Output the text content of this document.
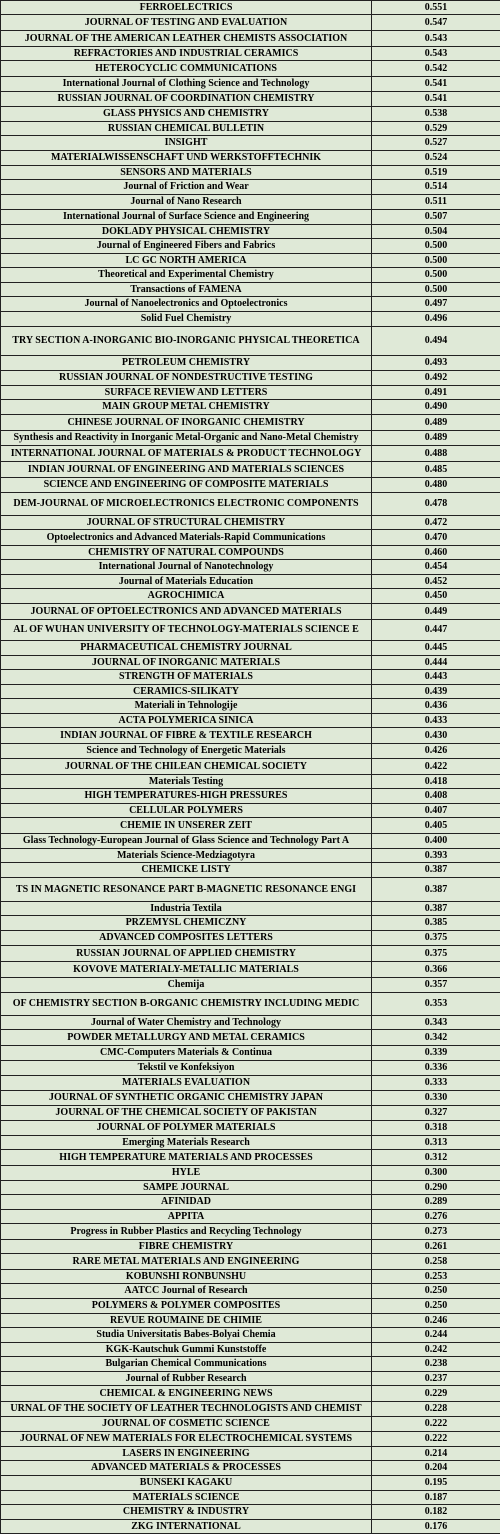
FERROELECTRICS	0.551
JOURNAL OF TESTING AND EVALUATION	0.547
JOURNAL OF THE AMERICAN LEATHER CHEMISTS ASSOCIATION	0.543
REFRACTORIES AND INDUSTRIAL CERAMICS	0.543
HETEROCYCLIC COMMUNICATIONS	0.542
International Journal of Clothing Science and Technology	0.541
RUSSIAN JOURNAL OF COORDINATION CHEMISTRY	0.541
GLASS PHYSICS AND CHEMISTRY	0.538
RUSSIAN CHEMICAL BULLETIN	0.529
INSIGHT	0.527
MATERIALWISSENSCHAFT UND WERKSTOFFTECHNIK	0.524
SENSORS AND MATERIALS	0.519
Journal of Friction and Wear	0.514
Journal of Nano Research	0.511
International Journal of Surface Science and Engineering	0.507
DOKLADY PHYSICAL CHEMISTRY	0.504
Journal of Engineered Fibers and Fabrics	0.500
LC GC NORTH AMERICA	0.500
Theoretical and Experimental Chemistry	0.500
Transactions of FAMENA	0.500
Journal of Nanoelectronics and Optoelectronics	0.497
Solid Fuel Chemistry	0.496
TRY SECTION A-INORGANIC BIO-INORGANIC PHYSICAL THEORETICA	0.494
PETROLEUM CHEMISTRY	0.493
RUSSIAN JOURNAL OF NONDESTRUCTIVE TESTING	0.492
SURFACE REVIEW AND LETTERS	0.491
MAIN GROUP METAL CHEMISTRY	0.490
CHINESE JOURNAL OF INORGANIC CHEMISTRY	0.489
Synthesis and Reactivity in Inorganic Metal-Organic and Nano-Metal Chemistry	0.489
INTERNATIONAL JOURNAL OF MATERIALS & PRODUCT TECHNOLOGY	0.488
INDIAN JOURNAL OF ENGINEERING AND MATERIALS SCIENCES	0.485
SCIENCE AND ENGINEERING OF COMPOSITE MATERIALS	0.480
DEM-JOURNAL OF MICROELECTRONICS ELECTRONIC COMPONENTS	0.478
JOURNAL OF STRUCTURAL CHEMISTRY	0.472
Optoelectronics and Advanced Materials-Rapid Communications	0.470
CHEMISTRY OF NATURAL COMPOUNDS	0.460
International Journal of Nanotechnology	0.454
Journal of Materials Education	0.452
AGROCHIMICA	0.450
JOURNAL OF OPTOELECTRONICS AND ADVANCED MATERIALS	0.449
AL OF WUHAN UNIVERSITY OF TECHNOLOGY-MATERIALS SCIENCE E	0.447
PHARMACEUTICAL CHEMISTRY JOURNAL	0.445
JOURNAL OF INORGANIC MATERIALS	0.444
STRENGTH OF MATERIALS	0.443
CERAMICS-SILIKATY	0.439
Materiali in Tehnologije	0.436
ACTA POLYMERICA SINICA	0.433
INDIAN JOURNAL OF FIBRE & TEXTILE RESEARCH	0.430
Science and Technology of Energetic Materials	0.426
JOURNAL OF THE CHILEAN CHEMICAL SOCIETY	0.422
Materials Testing	0.418
HIGH TEMPERATURES-HIGH PRESSURES	0.408
CELLULAR POLYMERS	0.407
CHEMIE IN UNSERER ZEIT	0.405
Glass Technology-European Journal of Glass Science and Technology Part A	0.400
Materials Science-Medziagotyra	0.393
CHEMICKE LISTY	0.387
TS IN MAGNETIC RESONANCE PART B-MAGNETIC RESONANCE ENGI	0.387
Industria Textila	0.387
PRZEMYSL CHEMICZNY	0.385
ADVANCED COMPOSITES LETTERS	0.375
RUSSIAN JOURNAL OF APPLIED CHEMISTRY	0.375
KOVOVE MATERIALY-METALLIC MATERIALS	0.366
Chemija	0.357
OF CHEMISTRY SECTION B-ORGANIC CHEMISTRY INCLUDING MEDIC	0.353
Journal of Water Chemistry and Technology	0.343
POWDER METALLURGY AND METAL CERAMICS	0.342
CMC-Computers Materials & Continua	0.339
Tekstil ve Konfeksiyon	0.336
MATERIALS EVALUATION	0.333
JOURNAL OF SYNTHETIC ORGANIC CHEMISTRY JAPAN	0.330
JOURNAL OF THE CHEMICAL SOCIETY OF PAKISTAN	0.327
JOURNAL OF POLYMER MATERIALS	0.318
Emerging Materials Research	0.313
HIGH TEMPERATURE MATERIALS AND PROCESSES	0.312
HYLE	0.300
SAMPE JOURNAL	0.290
AFINIDAD	0.289
APPITA	0.276
Progress in Rubber Plastics and Recycling Technology	0.273
FIBRE CHEMISTRY	0.261
RARE METAL MATERIALS AND ENGINEERING	0.258
KOBUNSHI RONBUNSHU	0.253
AATCC Journal of Research	0.250
POLYMERS & POLYMER COMPOSITES	0.250
REVUE ROUMAINE DE CHIMIE	0.246
Studia Universitatis Babes-Bolyai Chemia	0.244
KGK-Kautschuk Gummi Kunststoffe	0.242
Bulgarian Chemical Communications	0.238
Journal of Rubber Research	0.237
CHEMICAL & ENGINEERING NEWS	0.229
URNAL OF THE SOCIETY OF LEATHER TECHNOLOGISTS AND CHEMIST	0.228
JOURNAL OF COSMETIC SCIENCE	0.222
JOURNAL OF NEW MATERIALS FOR ELECTROCHEMICAL SYSTEMS	0.222
LASERS IN ENGINEERING	0.214
ADVANCED MATERIALS & PROCESSES	0.204
BUNSEKI KAGAKU	0.195
MATERIALS SCIENCE	0.187
CHEMISTRY & INDUSTRY	0.182
ZKG INTERNATIONAL	0.176
